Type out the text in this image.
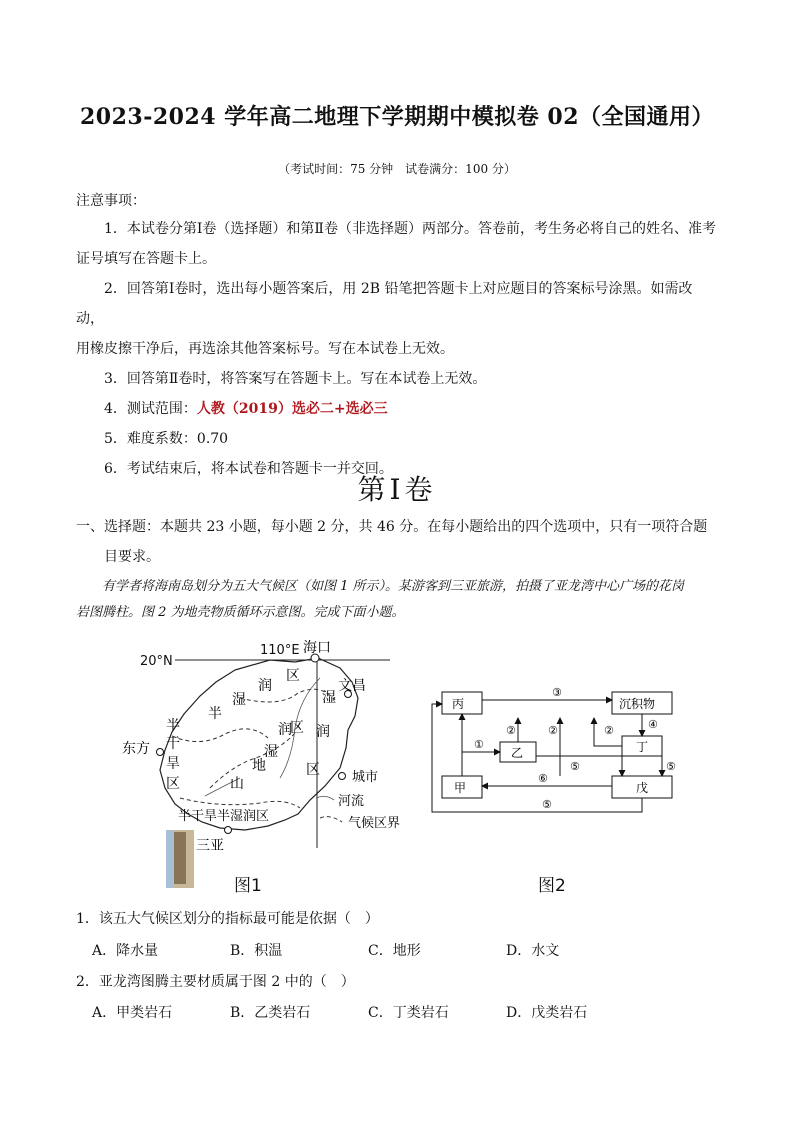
2023-2024 学年高二地理下学期期中模拟卷 02（全国通用）
（考试时间：75 分钟　试卷满分：100 分）
注意事项：

1．本试卷分第Ⅰ卷（选择题）和第Ⅱ卷（非选择题）两部分。答卷前，考生务必将自己的姓名、准考

证号填写在答题卡上。

2．回答第Ⅰ卷时，选出每小题答案后，用 2B 铅笔把答题卡上对应题目的答案标号涂黑。如需改动，

用橡皮擦干净后，再选涂其他答案标号。写在本试卷上无效。

3．回答第Ⅱ卷时，将答案写在答题卡上。写在本试卷上无效。

4．测试范围：人教（2019）选必二+选必三

5．难度系数：0.70

6．考试结束后，将本试卷和答题卡一并交回。

第Ⅰ卷
一、选择题：本题共 23 小题，每小题 2 分，共 46 分。在每小题给出的四个选项中，只有一项符合题
目要求。
有学者将海南岛划分为五大气候区（如图 1 所示）。某游客到三亚旅游，拍摄了亚龙湾中心广场的花岗
岩图腾柱。图 2 为地壳物质循环示意图。完成下面小题。
20°N
110°E 海口
文昌
东方
三亚
湿
润
区
半
湿
区
润 润
湿
地
山
半
干
旱
区
区
半干旱半湿润区
城市
河流
气候区界
图1
丙	沉积物
乙	丁
甲	戊
③
④
①
②	②	②
⑤	⑤
⑥
⑤
图2
1．该五大气候区划分的指标最可能是依据（　）
A．降水量	B．积温	C．地形	D．水文
2．亚龙湾图腾主要材质属于图 2 中的（　）
A．甲类岩石	B．乙类岩石	C．丁类岩石	D．戊类岩石
